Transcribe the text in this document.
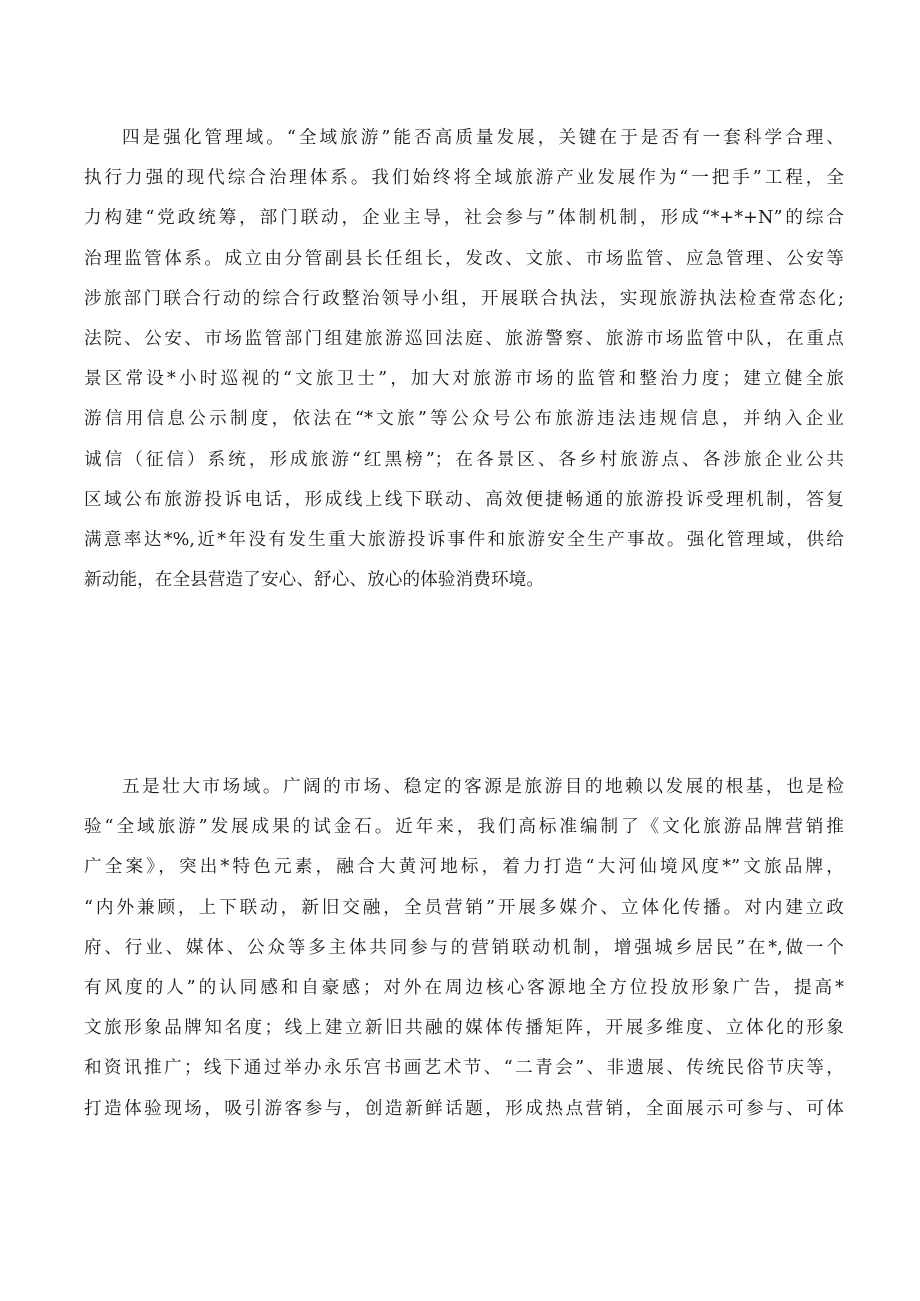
四是强化管理域。“全域旅游”能否高质量发展，关键在于是否有一套科学合理、
执行力强的现代综合治理体系。我们始终将全域旅游产业发展作为“一把手”工程，全
力构建“党政统筹，部门联动，企业主导，社会参与”体制机制，形成“*+*+N”的综合
治理监管体系。成立由分管副县长任组长，发改、文旅、市场监管、应急管理、公安等
涉旅部门联合行动的综合行政整治领导小组，开展联合执法，实现旅游执法检查常态化;
法院、公安、市场监管部门组建旅游巡回法庭、旅游警察、旅游市场监管中队，在重点
景区常设*小时巡视的“文旅卫士”，加大对旅游市场的监管和整治力度；建立健全旅
游信用信息公示制度，依法在“*文旅”等公众号公布旅游违法违规信息，并纳入企业
诚信（征信）系统，形成旅游“红黑榜”；在各景区、各乡村旅游点、各涉旅企业公共
区域公布旅游投诉电话，形成线上线下联动、高效便捷畅通的旅游投诉受理机制，答复
满意率达*%,近*年没有发生重大旅游投诉事件和旅游安全生产事故。强化管理域，供给
新动能，在全县营造了安心、舒心、放心的体验消费环境。
五是壮大市场域。广阔的市场、稳定的客源是旅游目的地赖以发展的根基，也是检
验“全域旅游”发展成果的试金石。近年来，我们高标准编制了《文化旅游品牌营销推
广全案》，突出*特色元素，融合大黄河地标，着力打造“大河仙境风度*”文旅品牌，
“内外兼顾，上下联动，新旧交融，全员营销”开展多媒介、立体化传播。对内建立政
府、行业、媒体、公众等多主体共同参与的营销联动机制，增强城乡居民”在*,做一个
有风度的人”的认同感和自豪感；对外在周边核心客源地全方位投放形象广告，提高*
文旅形象品牌知名度；线上建立新旧共融的媒体传播矩阵，开展多维度、立体化的形象
和资讯推广；线下通过举办永乐宫书画艺术节、“二青会”、非遗展、传统民俗节庆等，
打造体验现场，吸引游客参与，创造新鲜话题，形成热点营销，全面展示可参与、可体
